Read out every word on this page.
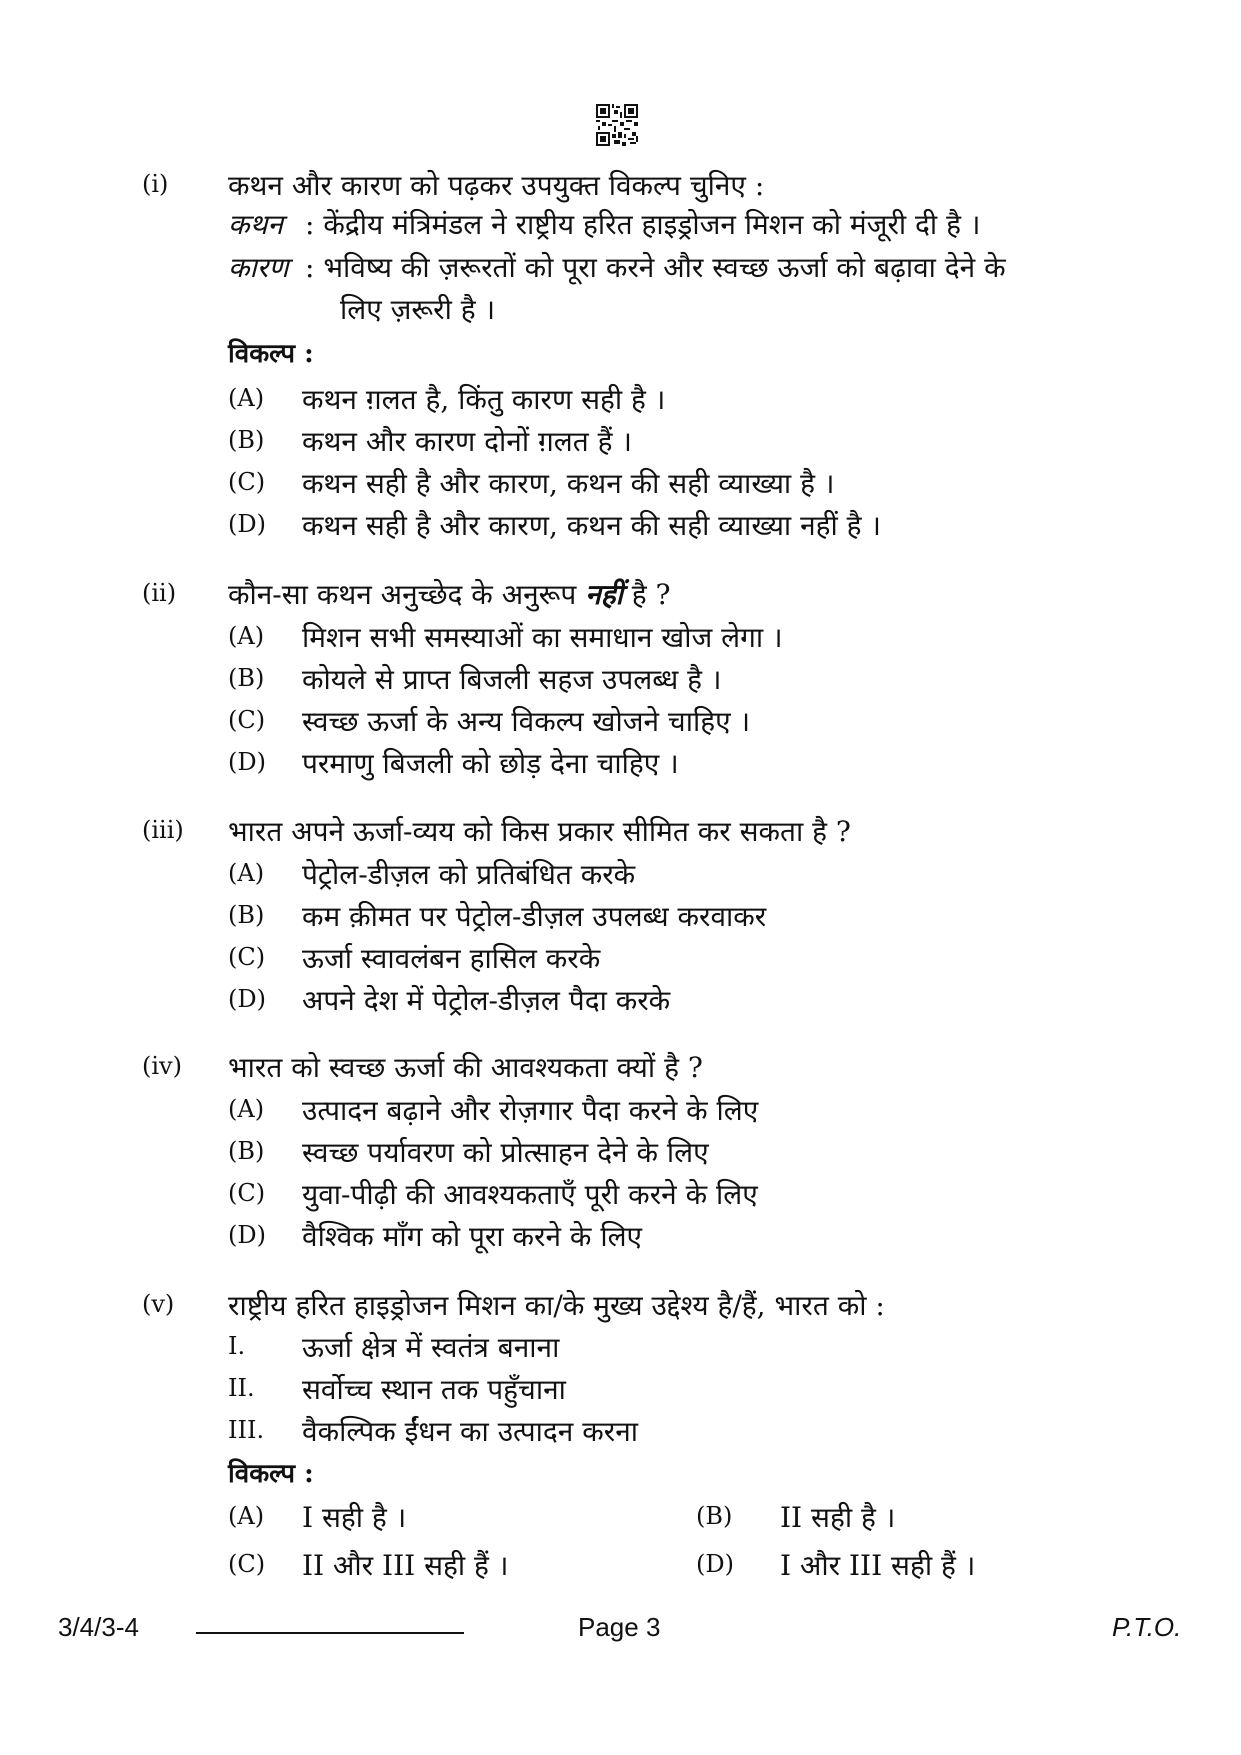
(i) कथन और कारण को पढ़कर उपयुक्त विकल्प चुनिए :
कथन : केंद्रीय मंत्रिमंडल ने राष्ट्रीय हरित हाइड्रोजन मिशन को मंजूरी दी है ।
कारण : भविष्य की ज़रूरतों को पूरा करने और स्वच्छ ऊर्जा को बढ़ावा देने के
लिए ज़रूरी है ।
विकल्प :
(A) कथन ग़लत है, किंतु कारण सही है ।
(B) कथन और कारण दोनों ग़लत हैं ।
(C) कथन सही है और कारण, कथन की सही व्याख्या है ।
(D) कथन सही है और कारण, कथन की सही व्याख्या नहीं है ।
(ii) कौन-सा कथन अनुच्छेद के अनुरूप नहीं है ?
(A) मिशन सभी समस्याओं का समाधान खोज लेगा ।
(B) कोयले से प्राप्त बिजली सहज उपलब्ध है ।
(C) स्वच्छ ऊर्जा के अन्य विकल्प खोजने चाहिए ।
(D) परमाणु बिजली को छोड़ देना चाहिए ।
(iii) भारत अपने ऊर्जा-व्यय को किस प्रकार सीमित कर सकता है ?
(A) पेट्रोल-डीज़ल को प्रतिबंधित करके
(B) कम क़ीमत पर पेट्रोल-डीज़ल उपलब्ध करवाकर
(C) ऊर्जा स्वावलंबन हासिल करके
(D) अपने देश में पेट्रोल-डीज़ल पैदा करके
(iv) भारत को स्वच्छ ऊर्जा की आवश्यकता क्यों है ?
(A) उत्पादन बढ़ाने और रोज़गार पैदा करने के लिए
(B) स्वच्छ पर्यावरण को प्रोत्साहन देने के लिए
(C) युवा-पीढ़ी की आवश्यकताएँ पूरी करने के लिए
(D) वैश्विक माँग को पूरा करने के लिए
(v) राष्ट्रीय हरित हाइड्रोजन मिशन का/के मुख्य उद्देश्य है/हैं, भारत को :
I. ऊर्जा क्षेत्र में स्वतंत्र बनाना
II. सर्वोच्च स्थान तक पहुँचाना
III. वैकल्पिक ईंधन का उत्पादन करना
विकल्प :
(A) I सही है ।	(B) II सही है ।
(C) II और III सही हैं ।	(D) I और III सही हैं ।
3/4/3-4	Page 3	P.T.O.
